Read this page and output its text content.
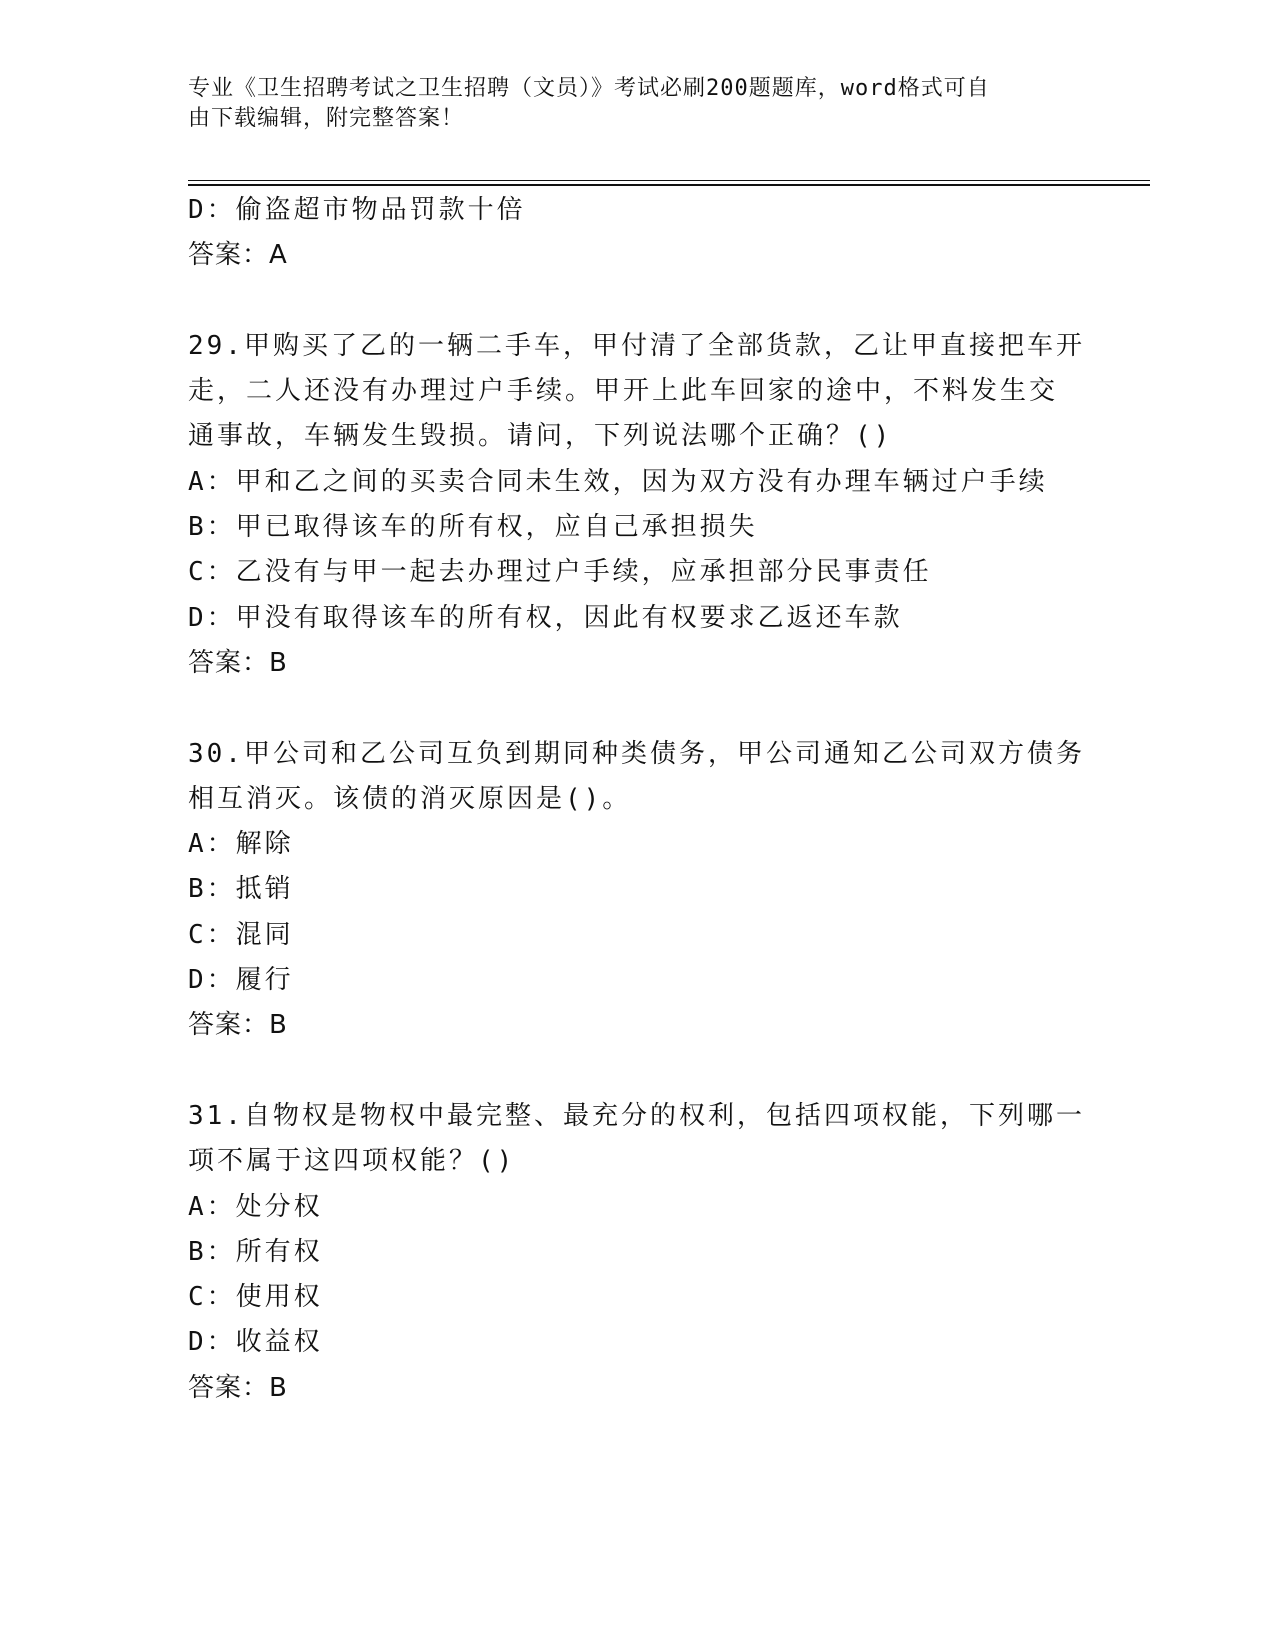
专业《卫生招聘考试之卫生招聘（文员）》考试必刷200题题库，word格式可自
由下载编辑，附完整答案！
D：偷盗超市物品罚款十倍
答案：A
29.甲购买了乙的一辆二手车，甲付清了全部货款，乙让甲直接把车开
走，二人还没有办理过户手续。甲开上此车回家的途中，不料发生交
通事故，车辆发生毁损。请问，下列说法哪个正确？()
A：甲和乙之间的买卖合同未生效，因为双方没有办理车辆过户手续
B：甲已取得该车的所有权，应自己承担损失
C：乙没有与甲一起去办理过户手续，应承担部分民事责任
D：甲没有取得该车的所有权，因此有权要求乙返还车款
答案：B
30.甲公司和乙公司互负到期同种类债务，甲公司通知乙公司双方债务
相互消灭。该债的消灭原因是()。
A：解除
B：抵销
C：混同
D：履行
答案：B
31.自物权是物权中最完整、最充分的权利，包括四项权能，下列哪一
项不属于这四项权能？()
A：处分权
B：所有权
C：使用权
D：收益权
答案：B
